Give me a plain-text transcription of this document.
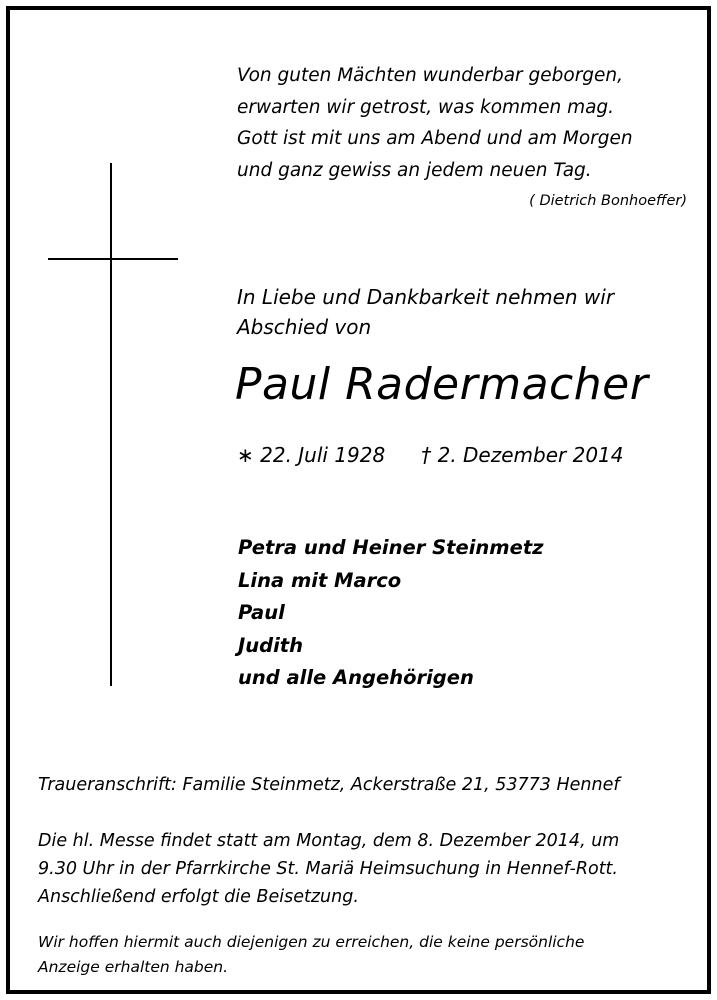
Von guten Mächten wunderbar geborgen,
erwarten wir getrost, was kommen mag.
Gott ist mit uns am Abend und am Morgen
und ganz gewiss an jedem neuen Tag.
( Dietrich Bonhoeffer)
In Liebe und Dankbarkeit nehmen wir
Abschied von
Paul Radermacher
∗ 22. Juli 1928 † 2. Dezember 2014
Petra und Heiner Steinmetz
Lina mit Marco
Paul
Judith
und alle Angehörigen
Traueranschrift: Familie Steinmetz, Ackerstraße 21, 53773 Hennef
Die hl. Messe findet statt am Montag, dem 8. Dezember 2014, um
9.30 Uhr in der Pfarrkirche St. Mariä Heimsuchung in Hennef-Rott.
Anschließend erfolgt die Beisetzung.
Wir hoffen hiermit auch diejenigen zu erreichen, die keine persönliche
Anzeige erhalten haben.
